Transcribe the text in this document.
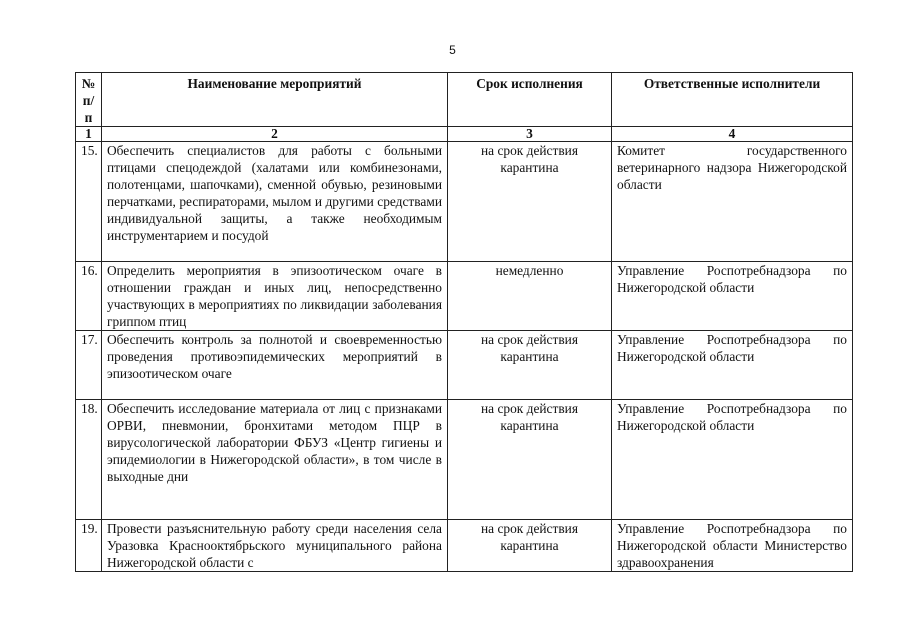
5
№ п/п	Наименование мероприятий	Срок исполнения	Ответственные исполнители
1	2	3	4
15.	Обеспечить специалистов для работы с больными птицами спецодеждой (халатами или комбинезонами, полотенцами, шапочками), сменной обувью, резиновыми перчатками, респираторами, мылом и другими средствами индивидуальной защиты, а также необходимым инструментарием и посудой	на срок действия карантина	Комитет государственного ветеринарного надзора Нижегородской области
16.	Определить мероприятия в эпизоотическом очаге в отношении граждан и иных лиц, непосредственно участвующих в мероприятиях по ликвидации заболевания гриппом птиц	немедленно	Управление Роспотребнадзора по Нижегородской области
17.	Обеспечить контроль за полнотой и своевременностью проведения противоэпидемических мероприятий в эпизоотическом очаге	на срок действия карантина	Управление Роспотребнадзора по Нижегородской области
18.	Обеспечить исследование материала от лиц с признаками ОРВИ, пневмонии, бронхитами методом ПЦР в вирусологической лаборатории ФБУЗ «Центр гигиены и эпидемиологии в Нижегородской области», в том числе в выходные дни	на срок действия карантина	Управление Роспотребнадзора по Нижегородской области
19.	Провести разъяснительную работу среди населения села Уразовка Краснооктябрьского муниципального района Нижегородской области с	на срок действия карантина	Управление Роспотребнадзора по Нижегородской области Министерство здравоохранения
